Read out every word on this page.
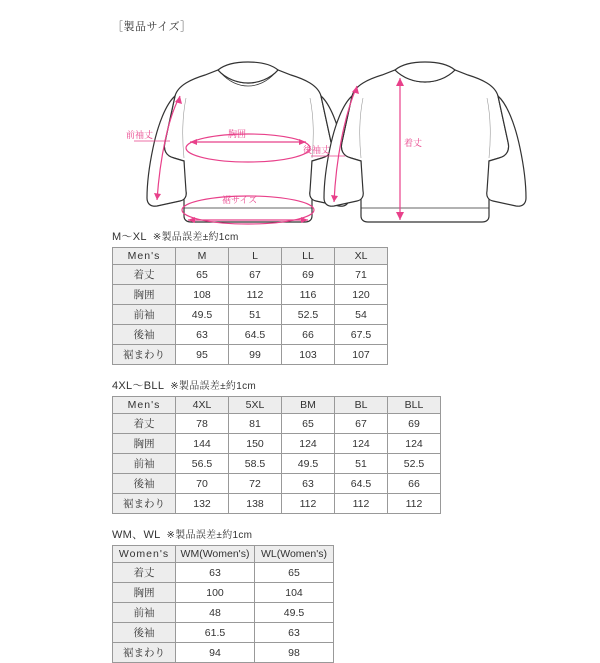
［製品サイズ］
胸囲
裾サイズ
前袖丈
着丈
後袖丈
M〜XL ※製品誤差±約1cm
Men's	M	L	LL	XL
着丈	65	67	69	71
胸囲	108	112	116	120
前袖	49.5	51	52.5	54
後袖	63	64.5	66	67.5
裾まわり	95	99	103	107
4XL〜BLL ※製品誤差±約1cm
Men's	4XL	5XL	BM	BL	BLL
着丈	78	81	65	67	69
胸囲	144	150	124	124	124
前袖	56.5	58.5	49.5	51	52.5
後袖	70	72	63	64.5	66
裾まわり	132	138	112	112	112
WM、WL ※製品誤差±約1cm
Women's	WM(Women's)	WL(Women's)
着丈	63	65
胸囲	100	104
前袖	48	49.5
後袖	61.5	63
裾まわり	94	98
